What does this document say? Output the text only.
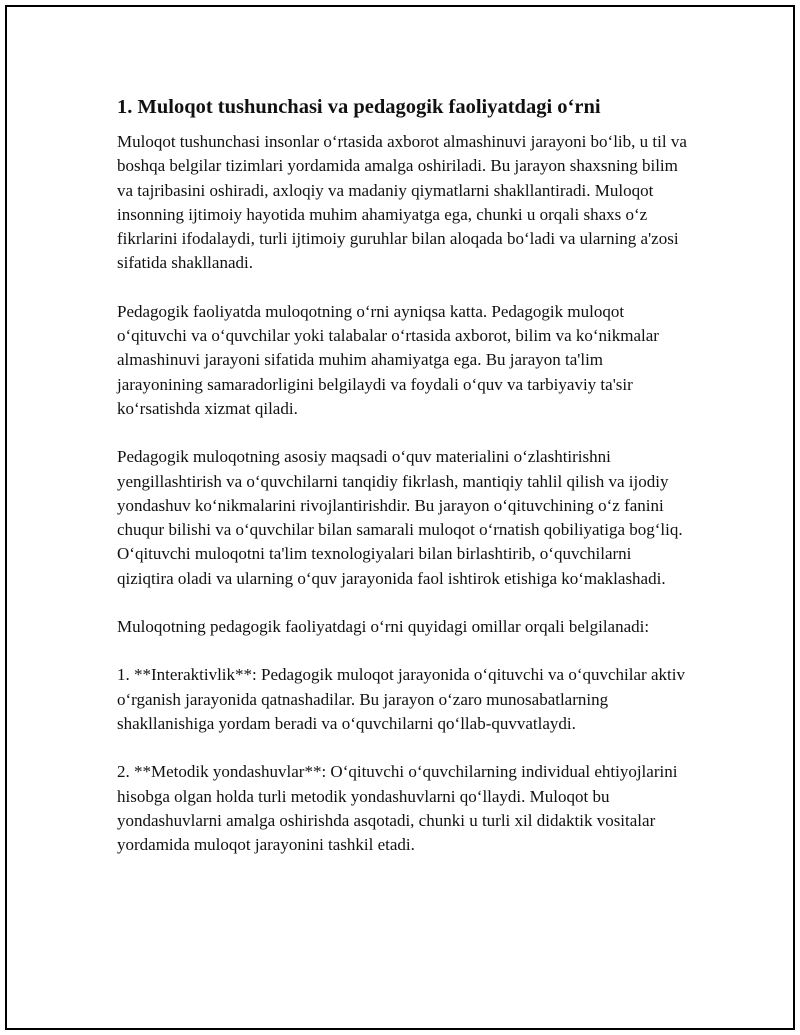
1. Muloqot tushunchasi va pedagogik faoliyatdagi o‘rni

Muloqot tushunchasi insonlar o‘rtasida axborot almashinuvi jarayoni bo‘lib, u til va boshqa belgilar tizimlari yordamida amalga oshiriladi. Bu jarayon shaxsning bilim va tajribasini oshiradi, axloqiy va madaniy qiymatlarni shakllantiradi. Muloqot insonning ijtimoiy hayotida muhim ahamiyatga ega, chunki u orqali shaxs o‘z fikrlarini ifodalaydi, turli ijtimoiy guruhlar bilan aloqada bo‘ladi va ularning a'zosi sifatida shakllanadi.

Pedagogik faoliyatda muloqotning o‘rni ayniqsa katta. Pedagogik muloqot o‘qituvchi va o‘quvchilar yoki talabalar o‘rtasida axborot, bilim va ko‘nikmalar almashinuvi jarayoni sifatida muhim ahamiyatga ega. Bu jarayon ta'lim jarayonining samaradorligini belgilaydi va foydali o‘quv va tarbiyaviy ta'sir ko‘rsatishda xizmat qiladi.

Pedagogik muloqotning asosiy maqsadi o‘quv materialini o‘zlashtirishni yengillashtirish va o‘quvchilarni tanqidiy fikrlash, mantiqiy tahlil qilish va ijodiy yondashuv ko‘nikmalarini rivojlantirishdir. Bu jarayon o‘qituvchining o‘z fanini chuqur bilishi va o‘quvchilar bilan samarali muloqot o‘rnatish qobiliyatiga bog‘liq. O‘qituvchi muloqotni ta'lim texnologiyalari bilan birlashtirib, o‘quvchilarni qiziqtira oladi va ularning o‘quv jarayonida faol ishtirok etishiga ko‘maklashadi.

Muloqotning pedagogik faoliyatdagi o‘rni quyidagi omillar orqali belgilanadi:

1. **Interaktivlik**: Pedagogik muloqot jarayonida o‘qituvchi va o‘quvchilar aktiv o‘rganish jarayonida qatnashadilar. Bu jarayon o‘zaro munosabatlarning shakllanishiga yordam beradi va o‘quvchilarni qo‘llab-quvvatlaydi.

2. **Metodik yondashuvlar**: O‘qituvchi o‘quvchilarning individual ehtiyojlarini hisobga olgan holda turli metodik yondashuvlarni qo‘llaydi. Muloqot bu yondashuvlarni amalga oshirishda asqotadi, chunki u turli xil didaktik vositalar yordamida muloqot jarayonini tashkil etadi.
